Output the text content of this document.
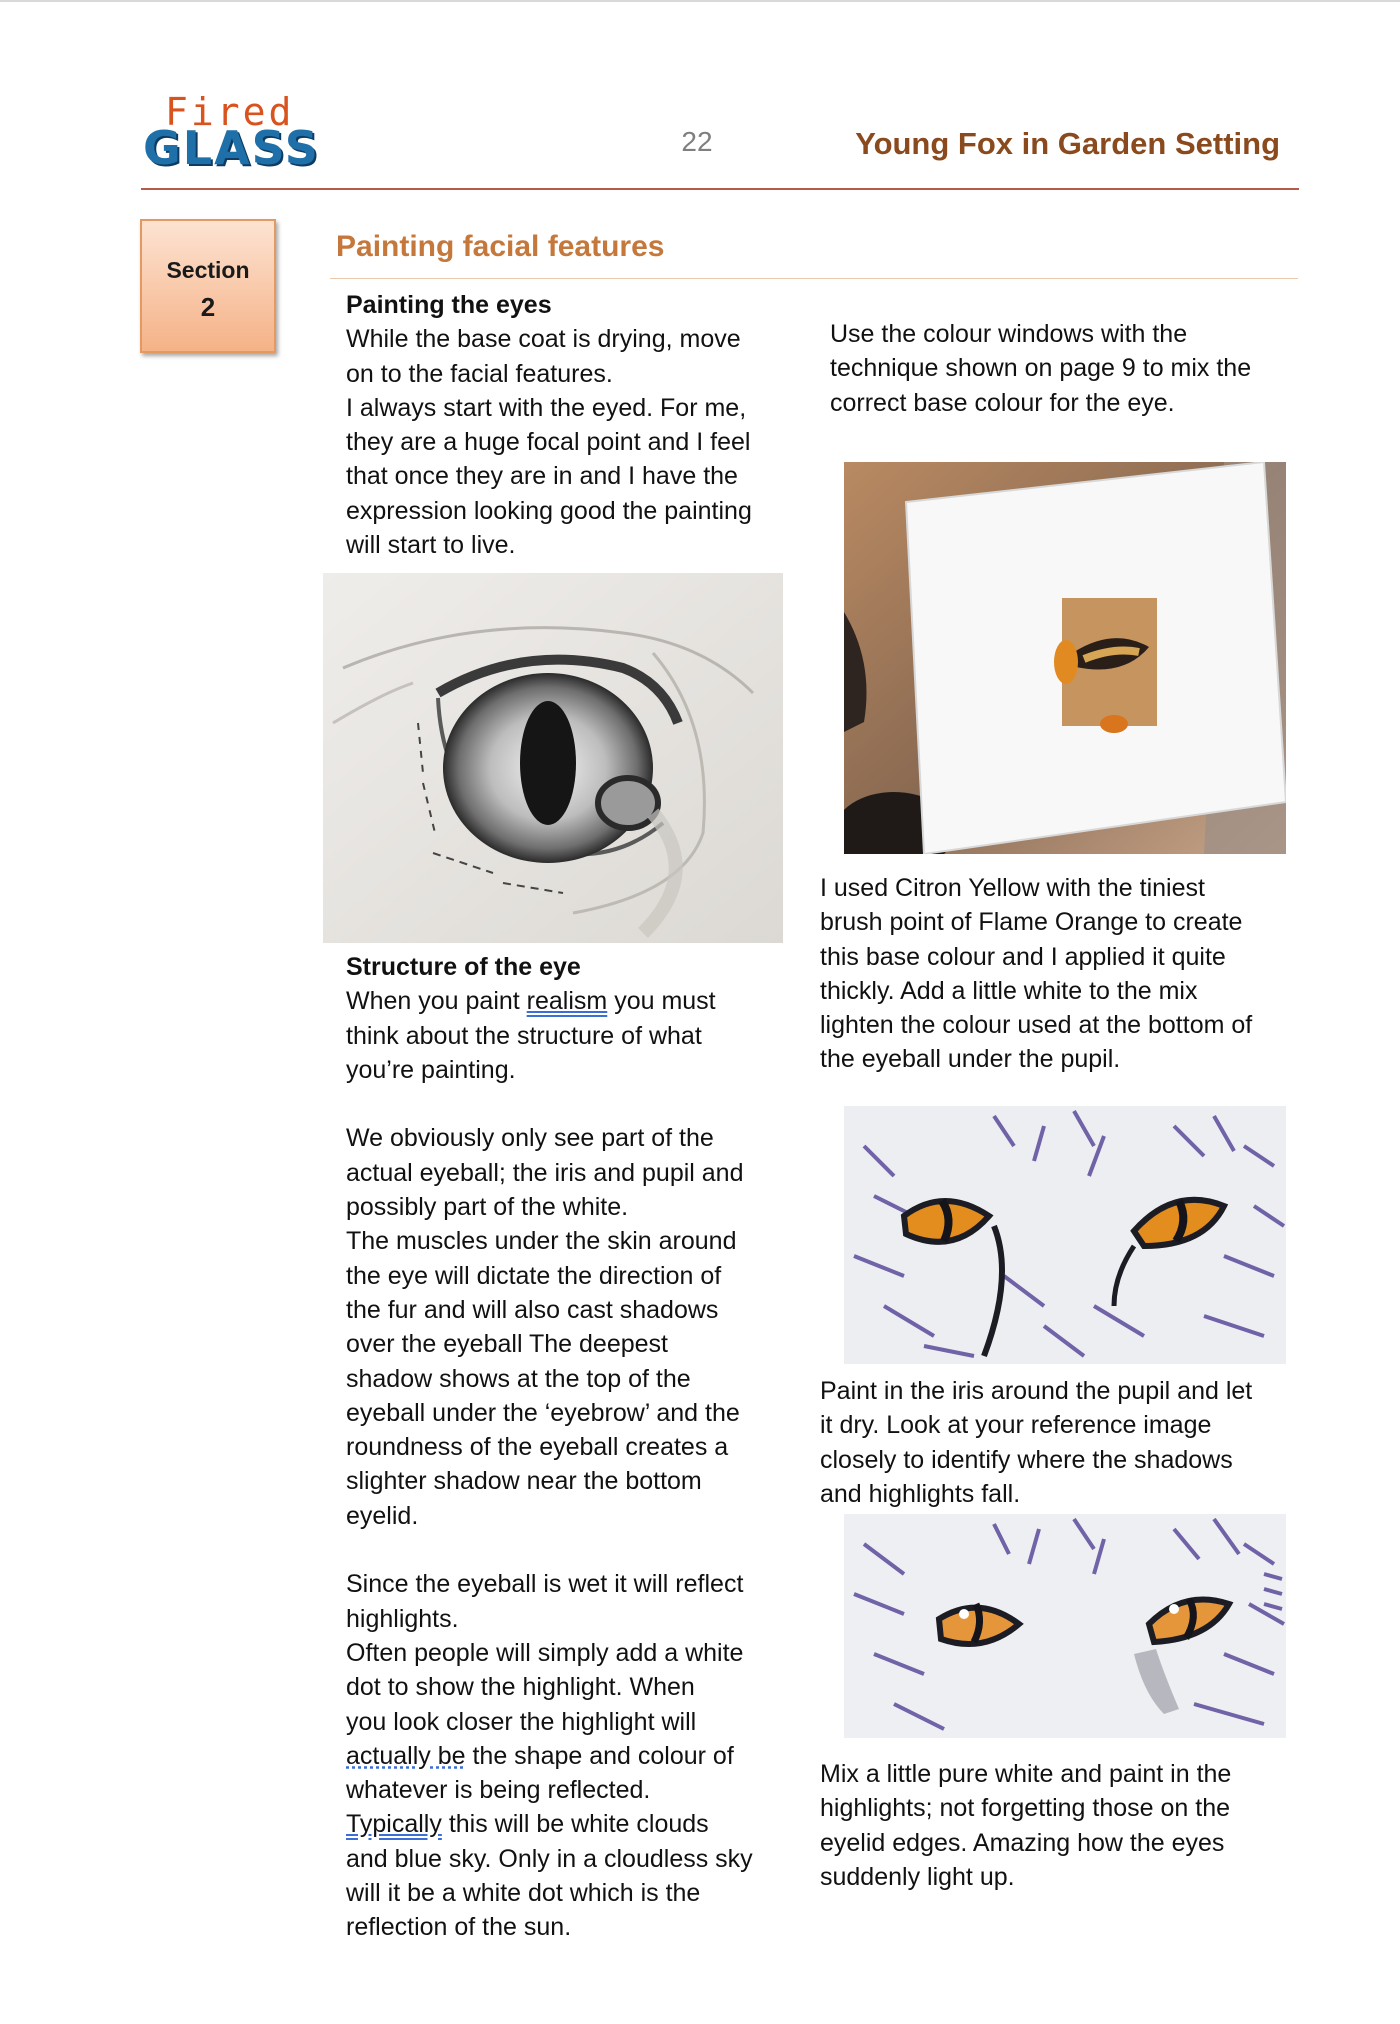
Fired
GLASS	22	Young Fox in Garden Setting
Section
2
Painting facial features

Painting the eyes

While the base coat is drying, move

on to the facial features.

I always start with the eyed. For me,

they are a huge focal point and I feel

that once they are in and I have the

expression looking good the painting

will start to live.

Structure of the eye

When you paint realism you must

think about the structure of what

you’re painting.

We obviously only see part of the

actual eyeball; the iris and pupil and

possibly part of the white.

The muscles under the skin around

the eye will dictate the direction of

the fur and will also cast shadows

over the eyeball The deepest

shadow shows at the top of the

eyeball under the ‘eyebrow’ and the

roundness of the eyeball creates a

slighter shadow near the bottom

eyelid.

Since the eyeball is wet it will reflect

highlights.

Often people will simply add a white

dot to show the highlight. When

you look closer the highlight will

actually be the shape and colour of

whatever is being reflected.

Typically this will be white clouds

and blue sky. Only in a cloudless sky

will it be a white dot which is the

reflection of the sun.

Use the colour windows with the

technique shown on page 9 to mix the

correct base colour for the eye.

I used Citron Yellow with the tiniest

brush point of Flame Orange to create

this base colour and I applied it quite

thickly. Add a little white to the mix

lighten the colour used at the bottom of

the eyeball under the pupil.

Paint in the iris around the pupil and let

it dry. Look at your reference image

closely to identify where the shadows

and highlights fall.

Mix a little pure white and paint in the

highlights; not forgetting those on the

eyelid edges. Amazing how the eyes

suddenly light up.
